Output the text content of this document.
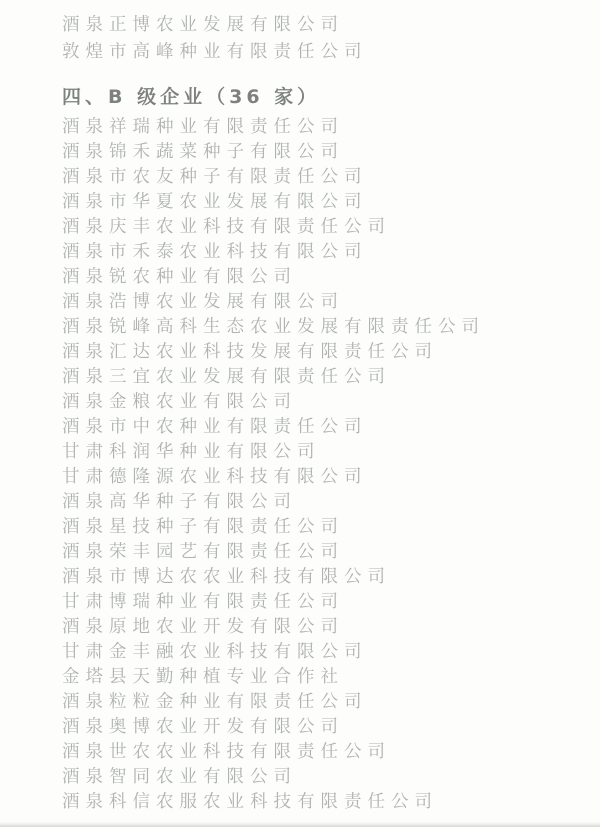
酒泉正博农业发展有限公司
敦煌市高峰种业有限责任公司
四、B 级企业（36 家）
酒泉祥瑞种业有限责任公司
酒泉锦禾蔬菜种子有限公司
酒泉市农友种子有限责任公司
酒泉市华夏农业发展有限公司
酒泉庆丰农业科技有限责任公司
酒泉市禾泰农业科技有限公司
酒泉锐农种业有限公司
酒泉浩博农业发展有限公司
酒泉锐峰高科生态农业发展有限责任公司
酒泉汇达农业科技发展有限责任公司
酒泉三宜农业发展有限责任公司
酒泉金粮农业有限公司
酒泉市中农种业有限责任公司
甘肃科润华种业有限公司
甘肃德隆源农业科技有限公司
酒泉高华种子有限公司
酒泉星技种子有限责任公司
酒泉荣丰园艺有限责任公司
酒泉市博达农农业科技有限公司
甘肃博瑞种业有限责任公司
酒泉原地农业开发有限公司
甘肃金丰融农业科技有限公司
金塔县天勤种植专业合作社
酒泉粒粒金种业有限责任公司
酒泉奥博农业开发有限公司
酒泉世农农业科技有限责任公司
酒泉智同农业有限公司
酒泉科信农服农业科技有限责任公司
